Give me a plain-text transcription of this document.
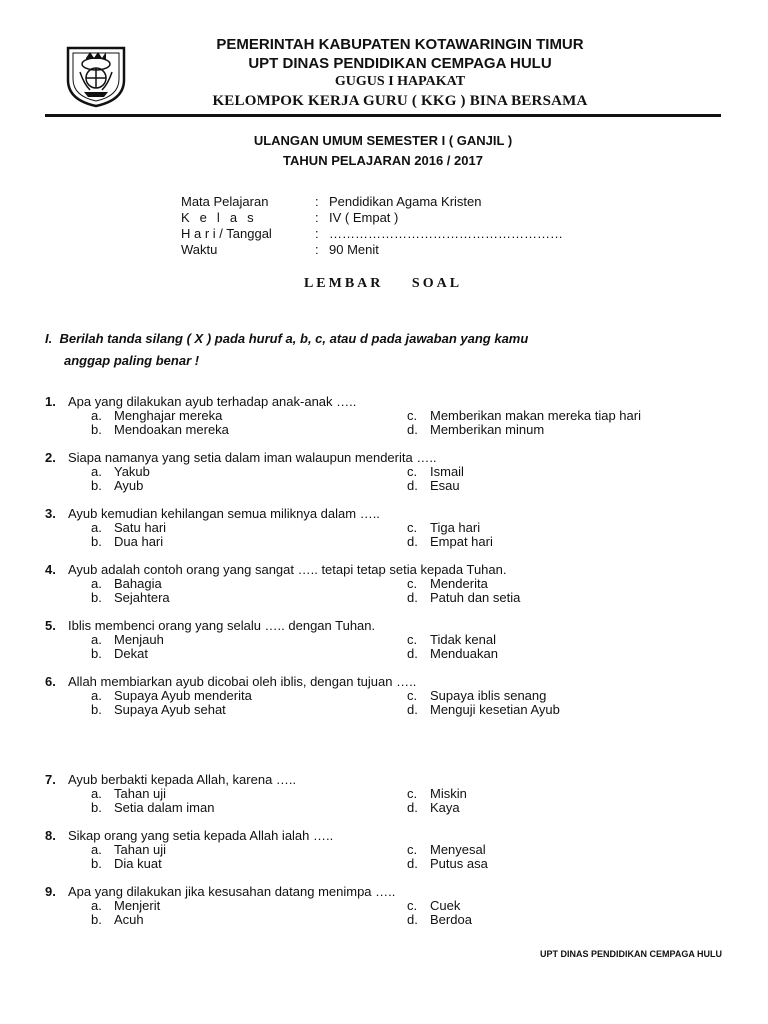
PEMERINTAH KABUPATEN KOTAWARINGIN TIMUR
UPT DINAS PENDIDIKAN CEMPAGA HULU
GUGUS I HAPAKAT
KELOMPOK KERJA GURU ( KKG ) BINA BERSAMA
ULANGAN UMUM SEMESTER I ( GANJIL )
TAHUN PELAJARAN 2016 / 2017
Mata Pelajaran	: Pendidikan Agama Kristen
K e l a s	: IV ( Empat )
H a r i / Tanggal	: ………………………………………………
Waktu	: 90 Menit
LEMBAR SOAL
I. Berilah tanda silang ( X ) pada huruf a, b, c, atau d pada jawaban yang kamu
anggap paling benar !
1. Apa yang dilakukan ayub terhadap anak-anak …..
a. Menghajar mereka	c. Memberikan makan mereka tiap hari
b. Mendoakan mereka	d. Memberikan minum
2. Siapa namanya yang setia dalam iman walaupun menderita …..
a. Yakub	c. Ismail
b. Ayub	d. Esau
3. Ayub kemudian kehilangan semua miliknya dalam …..
a. Satu hari	c. Tiga hari
b. Dua hari	d. Empat hari
4. Ayub adalah contoh orang yang sangat ….. tetapi tetap setia kepada Tuhan.
a. Bahagia	c. Menderita
b. Sejahtera	d. Patuh dan setia
5. Iblis membenci orang yang selalu ….. dengan Tuhan.
a. Menjauh	c. Tidak kenal
b. Dekat	d. Menduakan
6. Allah membiarkan ayub dicobai oleh iblis, dengan tujuan …..
a. Supaya Ayub menderita	c. Supaya iblis senang
b. Supaya Ayub sehat	d. Menguji kesetian Ayub
7. Ayub berbakti kepada Allah, karena …..
a. Tahan uji	c. Miskin
b. Setia dalam iman	d. Kaya
8. Sikap orang yang setia kepada Allah ialah …..
a. Tahan uji	c. Menyesal
b. Dia kuat	d. Putus asa
9. Apa yang dilakukan jika kesusahan datang menimpa …..
a. Menjerit	c. Cuek
b. Acuh	d. Berdoa
UPT DINAS PENDIDIKAN CEMPAGA HULU
